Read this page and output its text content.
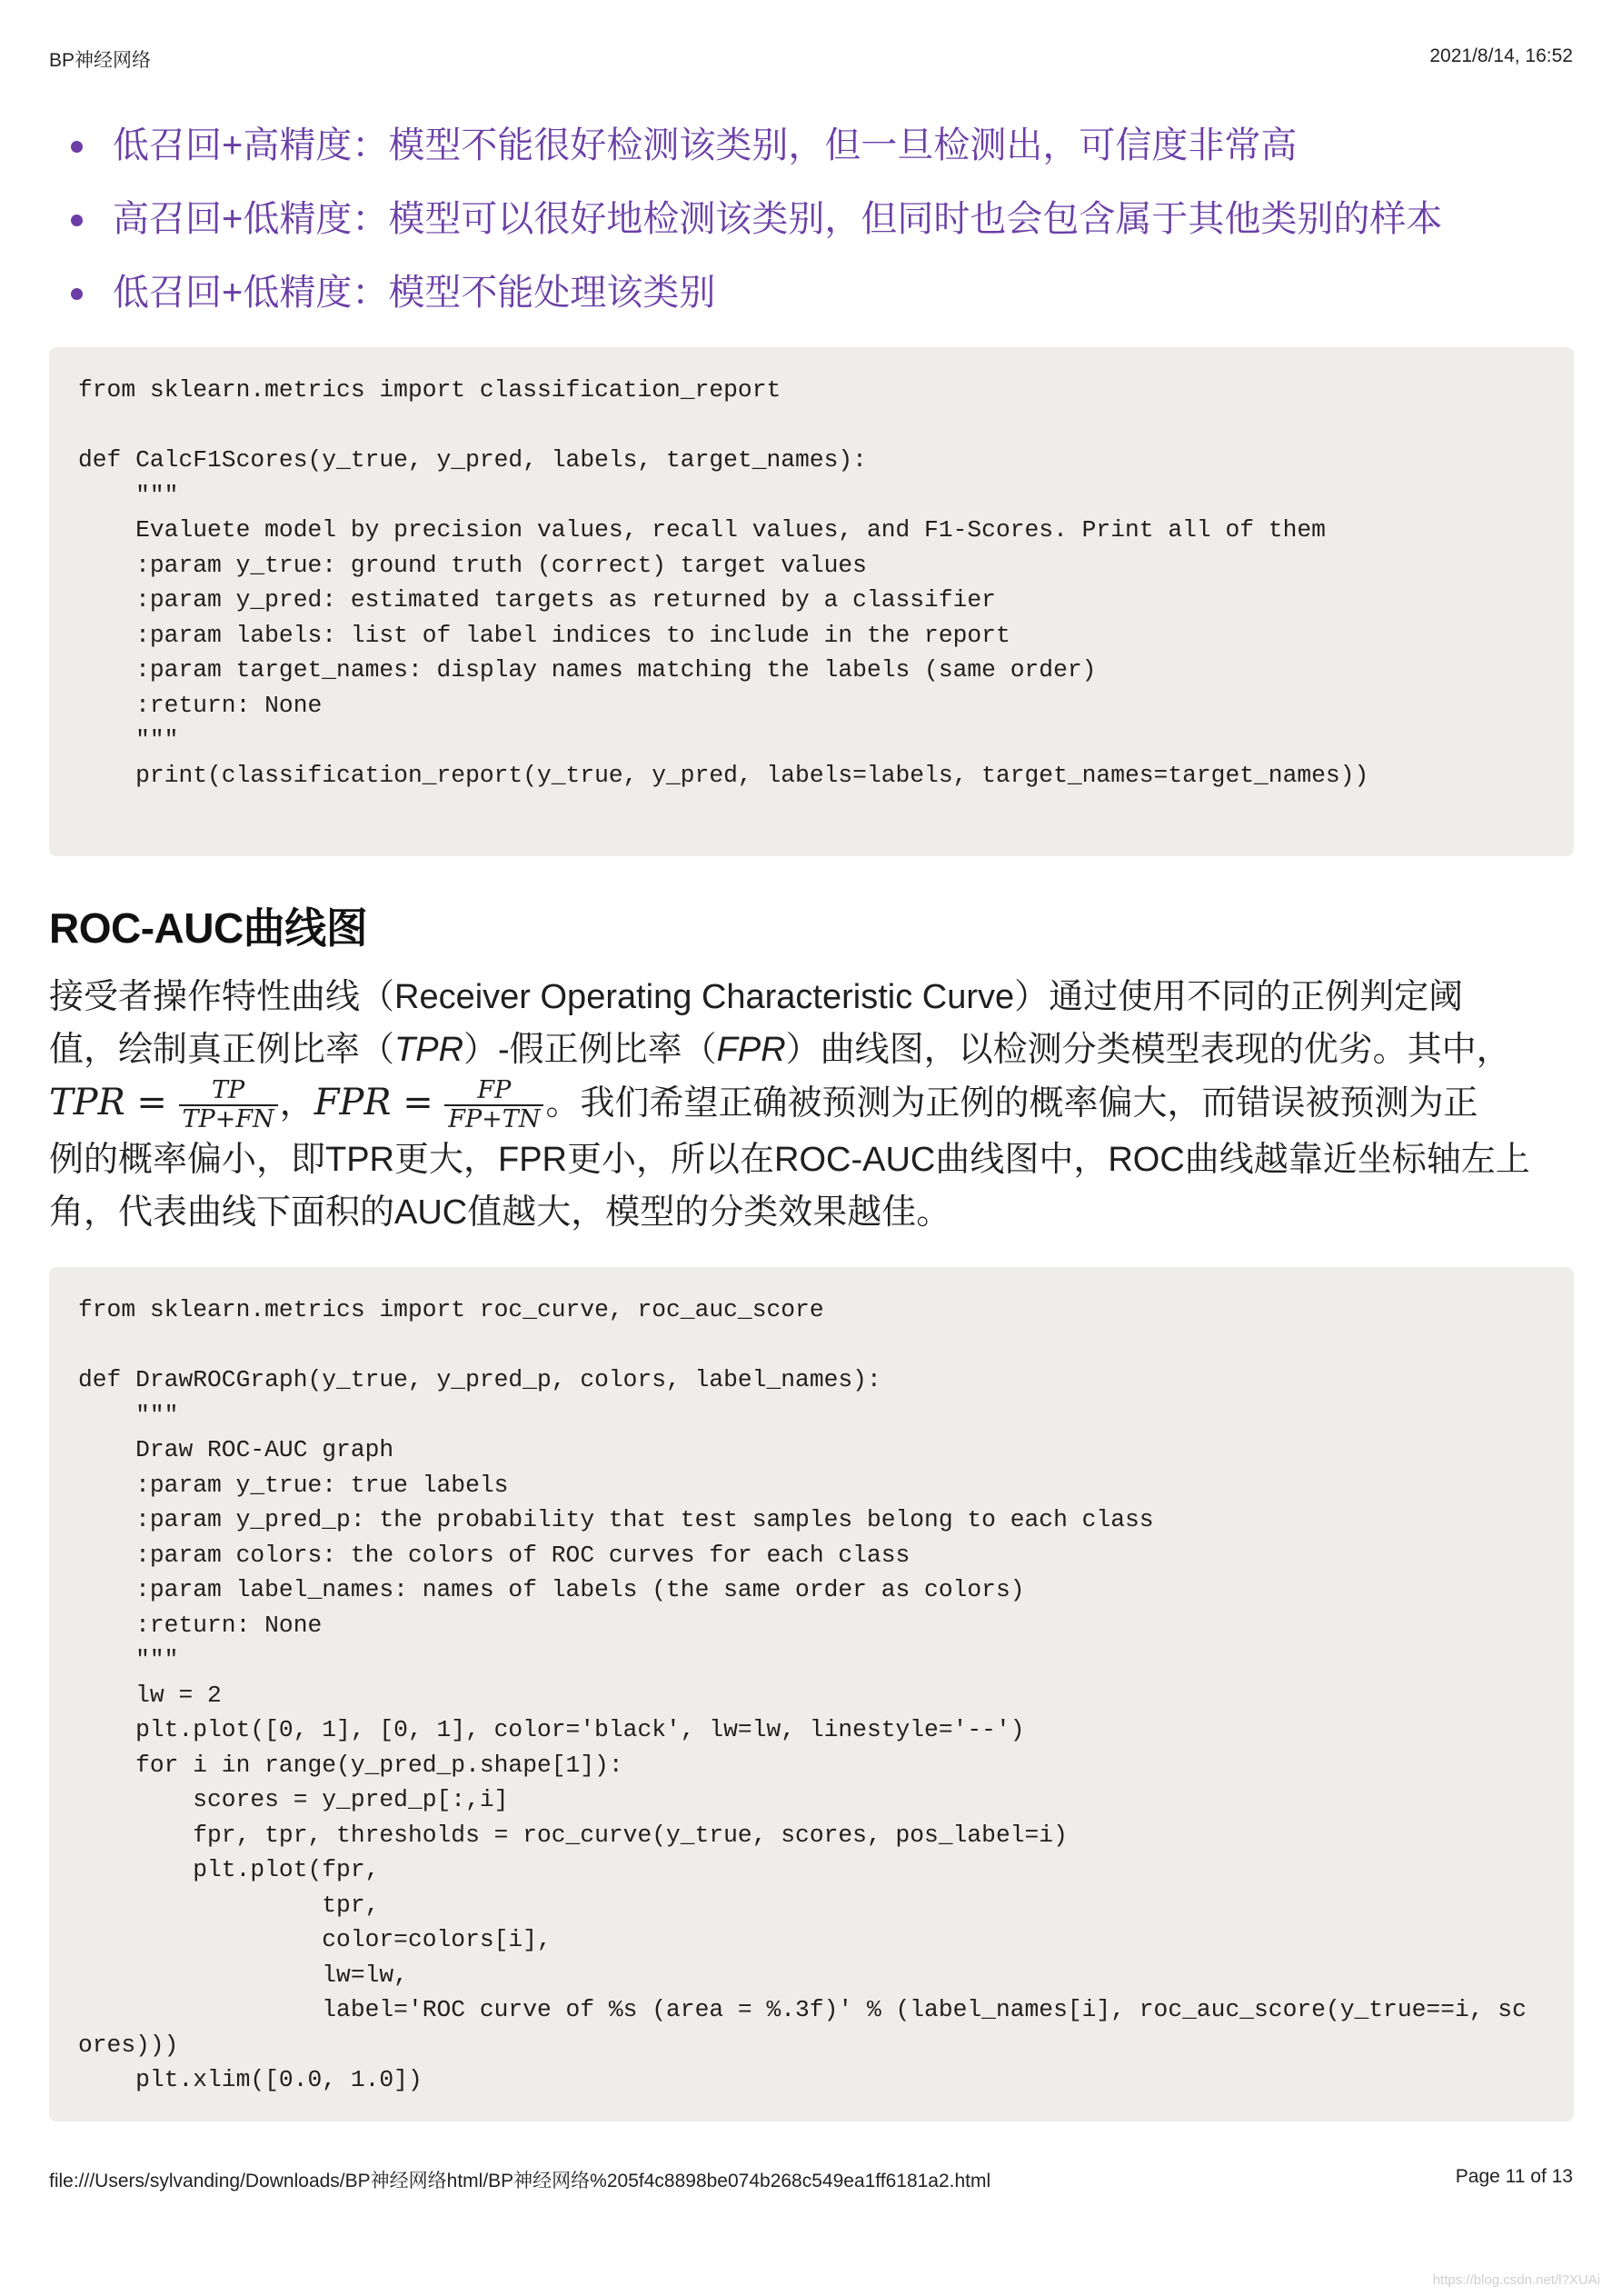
BP神经网络	2021/8/14, 16:52
低召回+高精度：模型不能很好检测该类别，但一旦检测出，可信度非常高
高召回+低精度：模型可以很好地检测该类别，但同时也会包含属于其他类别的样本
低召回+低精度：模型不能处理该类别
from sklearn.metrics import classification_report

def CalcF1Scores(y_true, y_pred, labels, target_names):
"""
Evaluete model by precision values, recall values, and F1-Scores. Print all of them
:param y_true: ground truth (correct) target values
:param y_pred: estimated targets as returned by a classifier
:param labels: list of label indices to include in the report
:param target_names: display names matching the labels (same order)
:return: None
"""
print(classification_report(y_true, y_pred, labels=labels, target_names=target_names))
ROC-AUC曲线图
接受者操作特性曲线（Receiver Operating Characteristic Curve）通过使用不同的正例判定阈
值，绘制真正例比率（TPR）-假正例比率（FPR）曲线图，以检测分类模型表现的优劣。其中，
TPR = $\frac{TP}{TP+FN}$ ，FPR = $\frac{FP}{FP+TN}$ 。我们希望正确被预测为正例的概率偏大，而错误被预测为正
例的概率偏小，即TPR更大，FPR更小，所以在ROC-AUC曲线图中，ROC曲线越靠近坐标轴左上
角，代表曲线下面积的AUC值越大，模型的分类效果越佳。
from sklearn.metrics import roc_curve, roc_auc_score

def DrawROCGraph(y_true, y_pred_p, colors, label_names):
"""
Draw ROC-AUC graph
:param y_true: true labels
:param y_pred_p: the probability that test samples belong to each class
:param colors: the colors of ROC curves for each class
:param label_names: names of labels (the same order as colors)
:return: None
"""
lw = 2
plt.plot([0, 1], [0, 1], color='black', lw=lw, linestyle='--')
for i in range(y_pred_p.shape[1]):
scores = y_pred_p[:,i]
fpr, tpr, thresholds = roc_curve(y_true, scores, pos_label=i)
plt.plot(fpr,
tpr,
color=colors[i],
lw=lw,
label='ROC curve of %s (area = %.3f)' % (label_names[i], roc_auc_score(y_true==i, sc
ores)))
plt.xlim([0.0, 1.0])
file:///Users/sylvanding/Downloads/BP神经网络html/BP神经网络%205f4c8898be074b268c549ea1ff6181a2.html	Page 11 of 13
https://blog.csdn.net/l?XUAi
